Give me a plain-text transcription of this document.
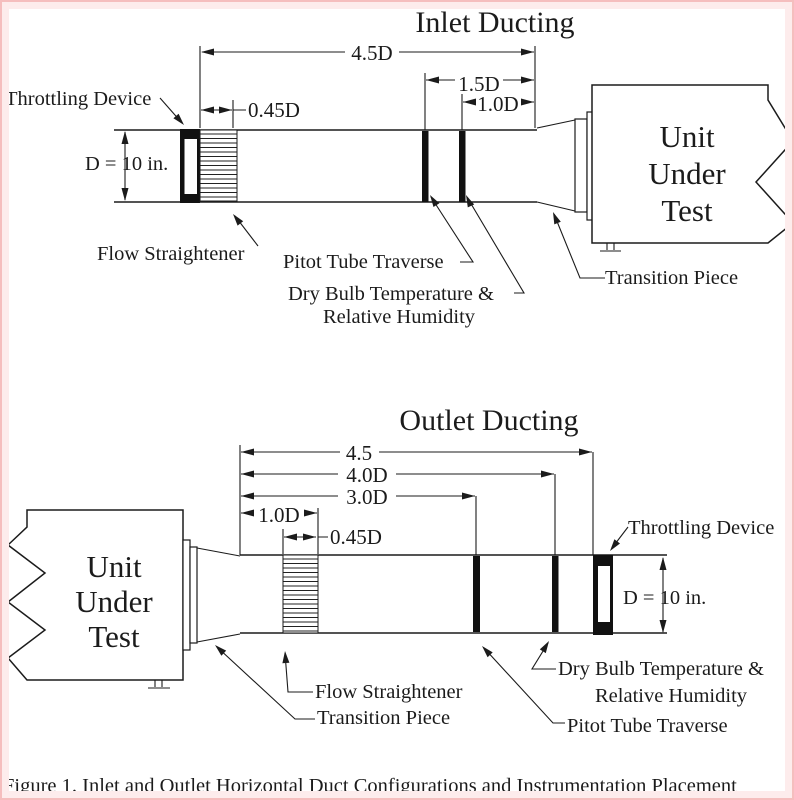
Inlet Ducting
Unit
Under
Test
4.5D
1.5D
1.0D
0.45D
D = 10 in.
Throttling Device
Flow Straightener Pitot Tube Traverse
Dry Bulb Temperature &
Relative Humidity
Transition Piece
Outlet Ducting
Unit
Under
Test
4.5
4.0D
3.0D
1.0D
0.45D
D = 10 in.
Throttling Device
Flow Straightener
Transition Piece	Pitot Tube Traverse
Dry Bulb Temperature &
Relative Humidity
Figure 1. Inlet and Outlet Horizontal Duct Configurations and Instrumentation Placement
